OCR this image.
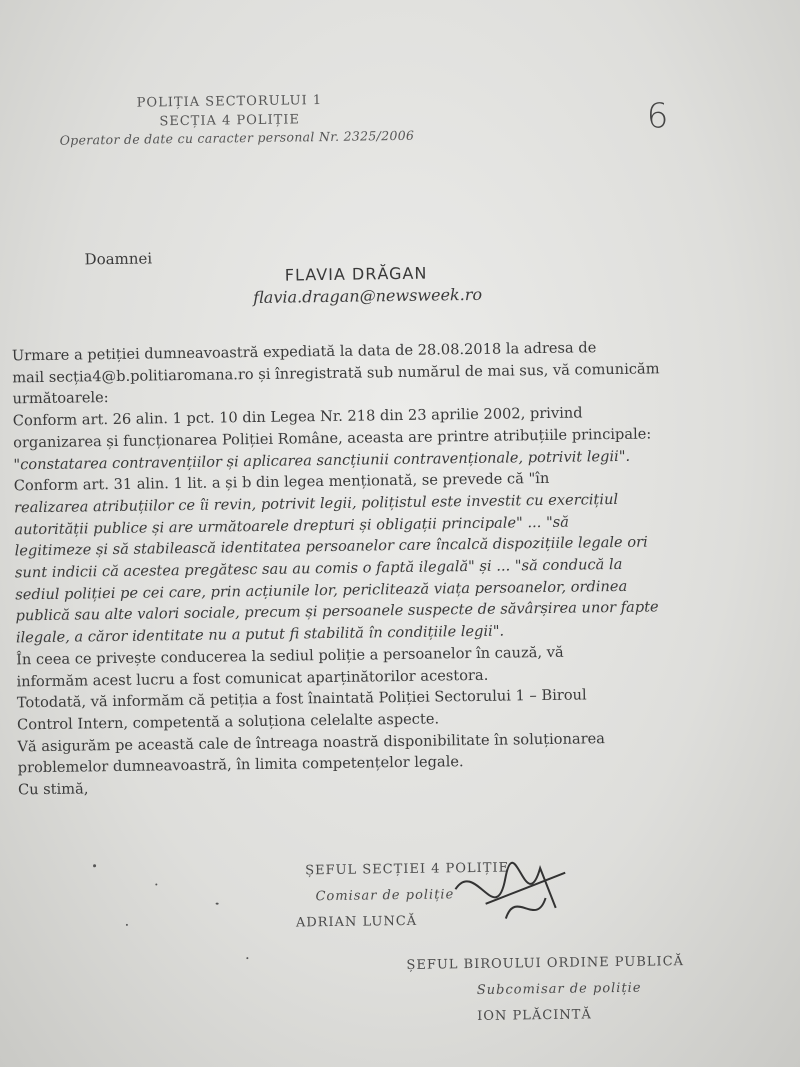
POLIȚIA SECTORULUI 1
SECȚIA 4 POLIȚIE
Operator de date cu caracter personal Nr. 2325/2006
6
Doamnei
FLAVIA DRĂGAN
flavia.dragan@newsweek.ro
Urmare a petiției dumneavoastră expediată la data de 28.08.2018 la adresa de
mail secția4@b.politiaromana.ro și înregistrată sub numărul de mai sus, vă comunicăm
următoarele:
Conform art. 26 alin. 1 pct. 10 din Legea Nr. 218 din 23 aprilie 2002, privind
organizarea și funcționarea Poliției Române, aceasta are printre atribuțiile principale:
"constatarea contravențiilor și aplicarea sancțiunii contravenționale, potrivit legii".
Conform art. 31 alin. 1 lit. a și b din legea menționată, se prevede că "în
realizarea atribuțiilor ce îi revin, potrivit legii, polițistul este investit cu exercițiul
autorității publice și are următoarele drepturi și obligații principale" ... "să
legitimeze și să stabilească identitatea persoanelor care încalcă dispozițiile legale ori
sunt indicii că acestea pregătesc sau au comis o faptă ilegală" și ... "să conducă la
sediul poliției pe cei care, prin acțiunile lor, periclitează viața persoanelor, ordinea
publică sau alte valori sociale, precum și persoanele suspecte de săvârșirea unor fapte
ilegale, a căror identitate nu a putut fi stabilită în condițiile legii".
În ceea ce privește conducerea la sediul poliție a persoanelor în cauză, vă
informăm acest lucru a fost comunicat aparținătorilor acestora.
Totodată, vă informăm că petiția a fost înaintată Poliției Sectorului 1 – Biroul
Control Intern, competentă a soluționa celelalte aspecte.
Vă asigurăm pe această cale de întreaga noastră disponibilitate în soluționarea
problemelor dumneavoastră, în limita competențelor legale.
Cu stimă,
ȘEFUL SECȚIEI 4 POLIȚIE
Comisar de poliție
ADRIAN LUNCĂ
ȘEFUL BIROULUI ORDINE PUBLICĂ
Subcomisar de poliție
ION PLĂCINTĂ
